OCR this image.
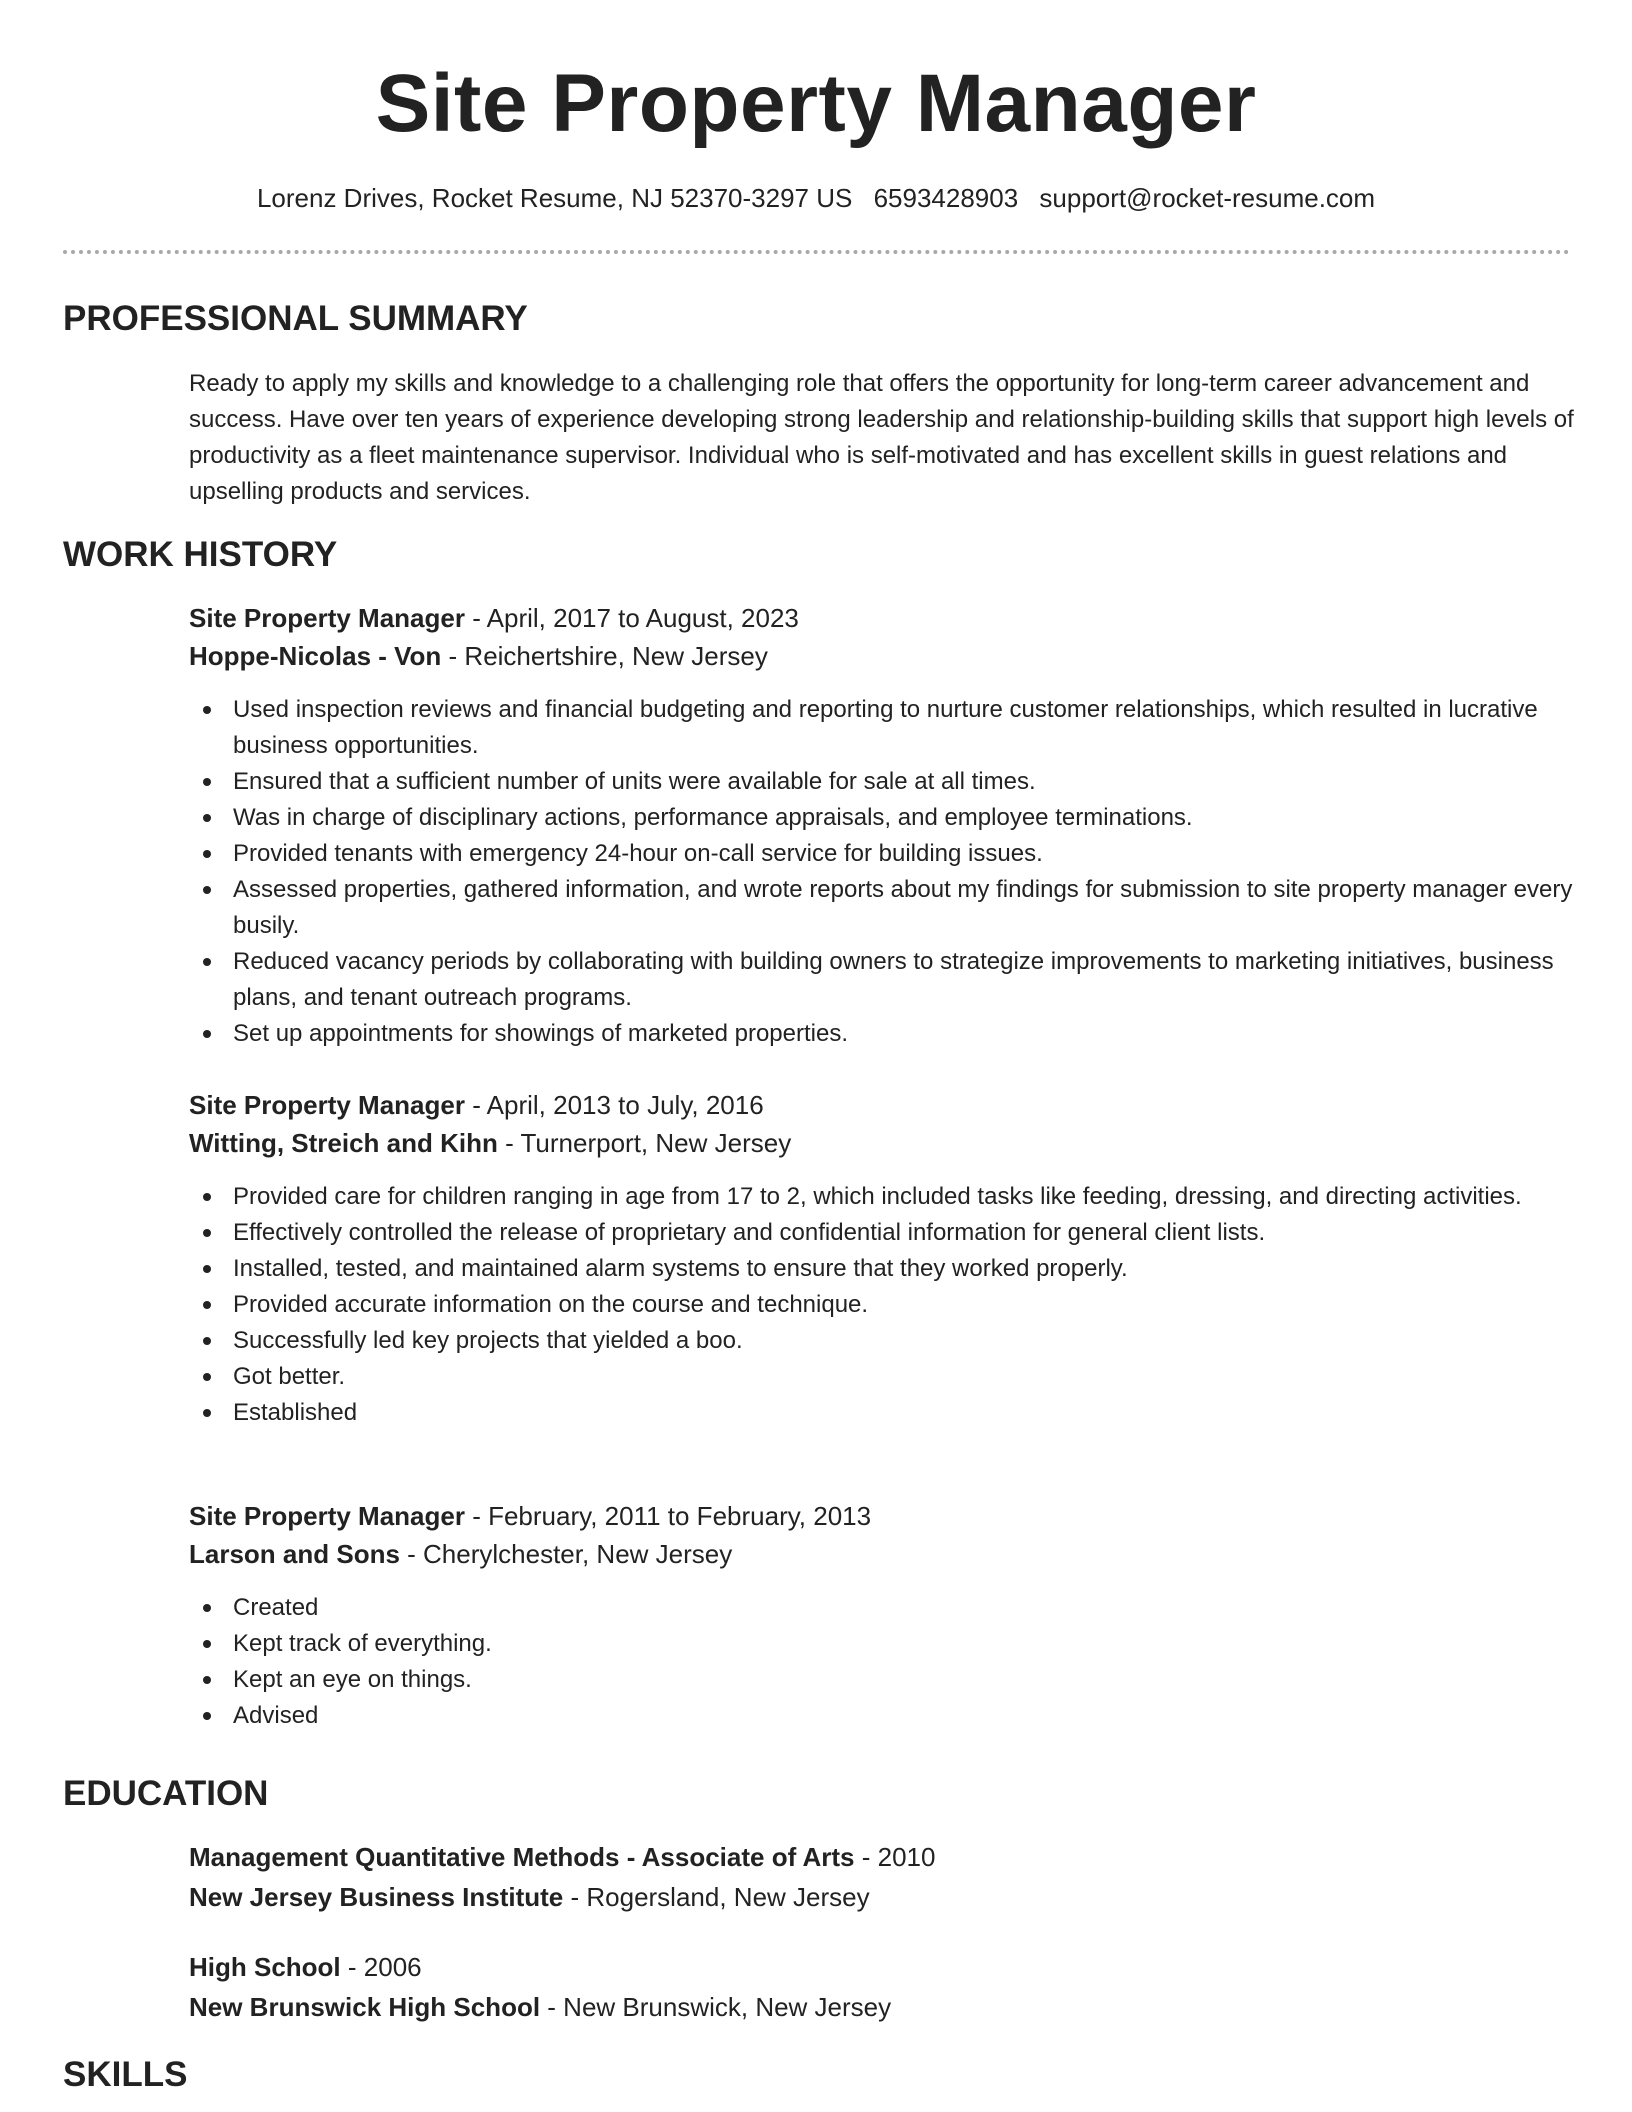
Site Property Manager
Lorenz Drives, Rocket Resume, NJ 52370-3297 US 6593428903 support@rocket-resume.com
PROFESSIONAL SUMMARY

Ready to apply my skills and knowledge to a challenging role that offers the opportunity for long-term career advancement and success. Have over ten years of experience developing strong leadership and relationship-building skills that support high levels of productivity as a fleet maintenance supervisor. Individual who is self-motivated and has excellent skills in guest relations and upselling products and services.

WORK HISTORY
Site Property Manager - April, 2017 to August, 2023
Hoppe-Nicolas - Von - Reichertshire, New Jersey
Used inspection reviews and financial budgeting and reporting to nurture customer relationships, which resulted in lucrative business opportunities.
Ensured that a sufficient number of units were available for sale at all times.
Was in charge of disciplinary actions, performance appraisals, and employee terminations.
Provided tenants with emergency 24-hour on-call service for building issues.
Assessed properties, gathered information, and wrote reports about my findings for submission to site property manager every busily.
Reduced vacancy periods by collaborating with building owners to strategize improvements to marketing initiatives, business plans, and tenant outreach programs.
Set up appointments for showings of marketed properties.
Site Property Manager - April, 2013 to July, 2016
Witting, Streich and Kihn - Turnerport, New Jersey
Provided care for children ranging in age from 17 to 2, which included tasks like feeding, dressing, and directing activities.
Effectively controlled the release of proprietary and confidential information for general client lists.
Installed, tested, and maintained alarm systems to ensure that they worked properly.
Provided accurate information on the course and technique.
Successfully led key projects that yielded a boo.
Got better.
Established
Site Property Manager - February, 2011 to February, 2013
Larson and Sons - Cherylchester, New Jersey
Created
Kept track of everything.
Kept an eye on things.
Advised
EDUCATION
Management Quantitative Methods - Associate of Arts - 2010
New Jersey Business Institute - Rogersland, New Jersey
High School - 2006
New Brunswick High School - New Brunswick, New Jersey
SKILLS
